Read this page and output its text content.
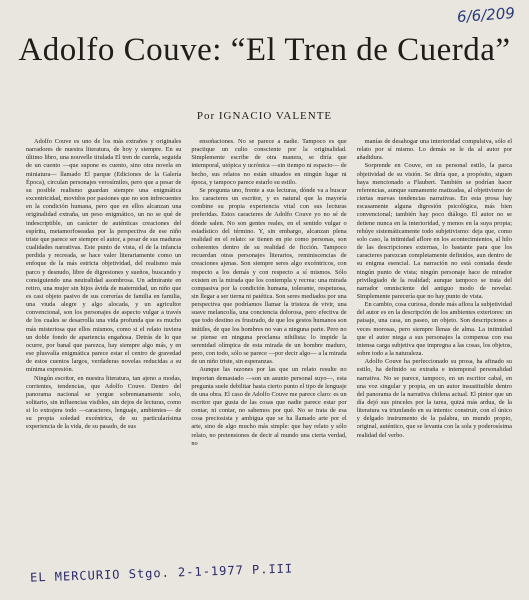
6/6/209
Adolfo Couve: “El Tren de Cuerda”

Por IGNACIO VALENTE

Adolfo Couve es uno de los más extraños y originales narradores de nuestra literatura, de hoy y siempre. En su último libro, una nouvelle titulada El tren de cuerda, seguida de un cuento —que supone es cuento, sino otra novela en miniatura— llamado El parque (Ediciones de la Galería Época), circulan personajes verosímiles, pero que a pesar de su posible realismo guardan siempre una enigmática excentricidad, movidos por pasiones que no son infrecuentes en la condición humana, pero que en ellos alcanzan una originalidad extraña, un peso enigmático, un no se qué de indescriptible, un carácter de auténticas creaciones del espíritu, metamorfoseadas por la perspectiva de ese niño triste que parece ser siempre el autor, a pesar de sus maduras cualidades narrativas. Este punto de vista, el de la infancia perdida y recreada, se hace valer literariamente como un enfoque de la más estricta objetividad, del realismo más parco y desnudo, libre de digresiones y sueños, buscando y consiguiendo una neutralidad asombrosa. Un admirante en retiro, una mujer sin hijos ávida de maternidad, un niño que es casi objeto pasivo de sus correrías de familia en familia, una viuda alegre y algo alocada, y un agricultor convencional, son los personajes de aspecto vulgar a través de los cuales se desarrolla una vida profunda que es mucho más misteriosa que ellos mismos, como si el relato tuviera un doble fondo de apariencia engañosa. Detrás de lo que ocurre, por banal que parezca, hay siempre algo más, y en ese plusvalía enigmática parece estar el centro de gravedad de estos cuentos largos, verdaderas novelas reducidas a su mínima expresión.

Ningún escritor, en nuestra literatura, tan ajeno a modas, corrientes, tendencias, que Adolfo Couve. Dentro del panorama nacional se yergue sobremanamente solo, solitario, sin influencias visibles, sin dejos de lecturas, como si lo extrajera todo —caracteres, lenguaje, ambientes— de su propia soledad excéntrica, de su particularísima experiencia de la vida, de su pasado, de sus

ensoñaciones. No se parece a nadie. Tampoco es que practique un culto consciente por la originalidad. Simplemente escribe de otra manera, se diría que intemporal, utópica y ucrónica —sin tiempo ni espacio— de hecho, sus relatos no están situados en ningún lugar ni época, y tampoco parece estarlo su estilo.

Se pregunta uno, frente a sus lecturas, dónde va a buscar los caracteres un escritor, y es natural que la mayoría combine su propia experiencia vital con sus lecturas preferidas. Estos caracteres de Adolfo Couve yo no sé de dónde salen. No son gentes reales, en el sentido vulgar o estadístico del término. Y, sin embargo, alcanzan plena realidad en el relato: se tienen en pie como personas, son coherentes dentro de su realidad de ficción. Tampoco recuerdan otras personajes literarios, reminiscencias de creaciones ajenas. Son siempre seres algo excéntricos, con respecto a los demás y con respecto a sí mismos. Sólo existen en la mirada que los contempla y recrea: una mirada compasiva por la condición humana, tolerante, respetuosa, sin llegar a ser tierna ni patética. Son seres mediados por una perspectiva que podríamos llamar la tristeza de vivir, una suave melancolía, una conciencia dolorosa, pero efectiva de que todo destino es frustrado, de que los gestos humanos son inútiles, de que los hombres no van a ninguna parte. Pero no se piense en ninguna proclama nihilista: lo impide la serenidad olímpica de esta mirada de un hombre maduro, pero, con todo, sólo se parece —por decir algo— a la mirada de un niño triste, sin esperanzas.

Aunque las razones por las que un relato resulte no importan demasiado —son un asunto personal suyo—, esta pregunta suele debilitar hasta cierto punto el tipo de lenguaje de una obra. El caso de Adolfo Couve me parece claro: es un escritor que gusta de las cosas que nadie parece estar por contar, ni contar, no sabemos por qué. No se trata de esa cosa preciosista y ambigua que se ha llamado arte por el arte, sino de algo mucho más simple: que hay relato y sólo relato, no pretensiones de decir al mundo una cierta verdad, no

manías de desahogar una interioridad compulsiva, sólo el relato por sí mismo. Lo demás se le da al autor por añadidura.

Sorprende en Couve, en su personal estilo, la parca objetividad de su visión. Se diría que, a propósito, siguen haya mencionado a Flaubert. También se podrían hacer referencias, aunque sumamente matizadas, al objetivismo de ciertas nuevas tendencias narrativas. En esta prosa hay escasamente alguna digresión psicológica, más bien convencional; también hay poco diálogo. El autor no se detiene nunca en la interioridad, y menos en la suya propia; rehúye sistemáticamente todo subjetivismo: deja que, como solo caso, la intimidad aflore en los acontecimientos, al hilo de las descripciones externas, lo bastante para que los caracteres parezcan completamente definidos, aun dentro de su enigma esencial. La narración no está contada desde ningún punto de vista; ningún personaje hace de mirador privilegiado de la realidad; aunque tampoco se trata del narrador omnisciente del antiguo modo de novelar. Simplemente parecería que no hay punto de vista.

En cambio, cosa curiosa, donde más aflora la subjetividad del autor es en la descripción de los ambientes exteriores: un paisaje, una casa, un paseo, un objeto. Son descripciones a veces morosas, pero siempre llenas de alma. La intimidad que el autor niega a sus personajes la compensa con esa intensa carga subjetiva que impregna a las cosas, los objetos, sobre todo a la naturaleza.

Adolfo Couve ha perfeccionado su prosa, ha afinado su estilo, ha definido su extraña e intemporal personalidad narrativa. No se parece, tampoco, en un escritor cabal, en una voz singular y propia, en un autor insustituible dentro del panorama de la narrativa chilena actual. El pintor que un día dejó sus pinceles por la tarea, quizá más ardua, de la literatura va triunfando en su intento: construir, con el único y delgado instrumento de la palabra, un mundo propio, original, auténtico, que se levanta con la sola y poderosísima realidad del verbo.

EL MERCURIO Stgo. 2-1-1977 P.III
